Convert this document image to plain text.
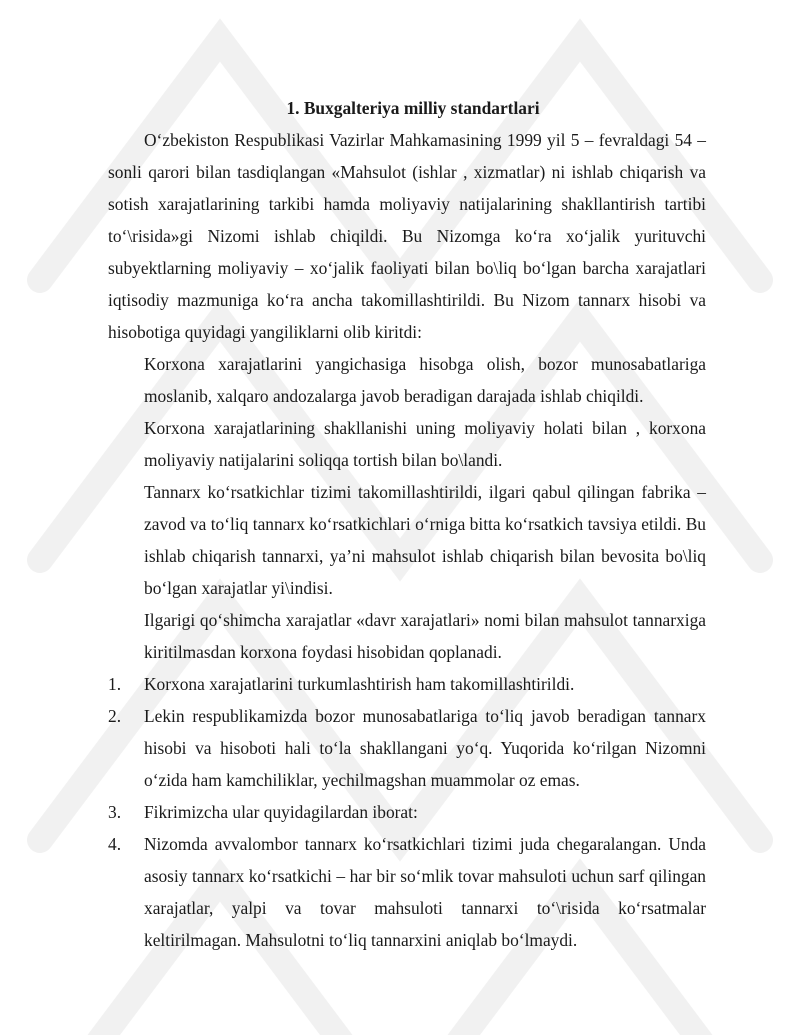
1. Buxgalteriya milliy standartlari

O‘zbekiston Respublikasi Vazirlar Mahkamasining 1999 yil 5 – fevraldagi 54 – sonli qarori bilan tasdiqlangan «Mahsulot (ishlar , xizmatlar) ni ishlab chiqarish va sotish xarajatlarining tarkibi hamda moliyaviy natijalarining shakllantirish tartibi to‘\risida»gi Nizomi ishlab chiqildi. Bu Nizomga ko‘ra xo‘jalik yurituvchi subyektlarning moliyaviy – xo‘jalik faoliyati bilan bo\liq bo‘lgan barcha xarajatlari iqtisodiy mazmuniga ko‘ra ancha takomillashtirildi. Bu Nizom tannarx hisobi va hisobotiga quyidagi yangiliklarni olib kiritdi:

Korxona xarajatlarini yangichasiga hisobga olish, bozor munosabatlariga moslanib, xalqaro andozalarga javob beradigan darajada ishlab chiqildi.

Korxona xarajatlarining shakllanishi uning moliyaviy holati bilan , korxona moliyaviy natijalarini soliqqa tortish bilan bo\landi.

Tannarx ko‘rsatkichlar tizimi takomillashtirildi, ilgari qabul qilingan fabrika – zavod va to‘liq tannarx ko‘rsatkichlari o‘rniga bitta ko‘rsatkich tavsiya etildi. Bu ishlab chiqarish tannarxi, ya’ni mahsulot ishlab chiqarish bilan bevosita bo\liq bo‘lgan xarajatlar yi\indisi.

Ilgarigi qo‘shimcha xarajatlar «davr xarajatlari» nomi bilan mahsulot tannarxiga kiritilmasdan korxona foydasi hisobidan qoplanadi.

1.	Korxona xarajatlarini turkumlashtirish ham takomillashtirildi.
2.	Lekin respublikamizda bozor munosabatlariga to‘liq javob beradigan tannarx hisobi va hisoboti hali to‘la shakllangani yo‘q. Yuqorida ko‘rilgan Nizomni o‘zida ham kamchiliklar, yechilmagshan muammolar oz emas.
3.	Fikrimizcha ular quyidagilardan iborat:
4.	Nizomda avvalombor tannarx ko‘rsatkichlari tizimi juda chegaralangan. Unda asosiy tannarx ko‘rsatkichi – har bir so‘mlik tovar mahsuloti uchun sarf qilingan xarajatlar, yalpi va tovar mahsuloti tannarxi to‘\risida ko‘rsatmalar keltirilmagan. Mahsulotni to‘liq tannarxini aniqlab bo‘lmaydi.
